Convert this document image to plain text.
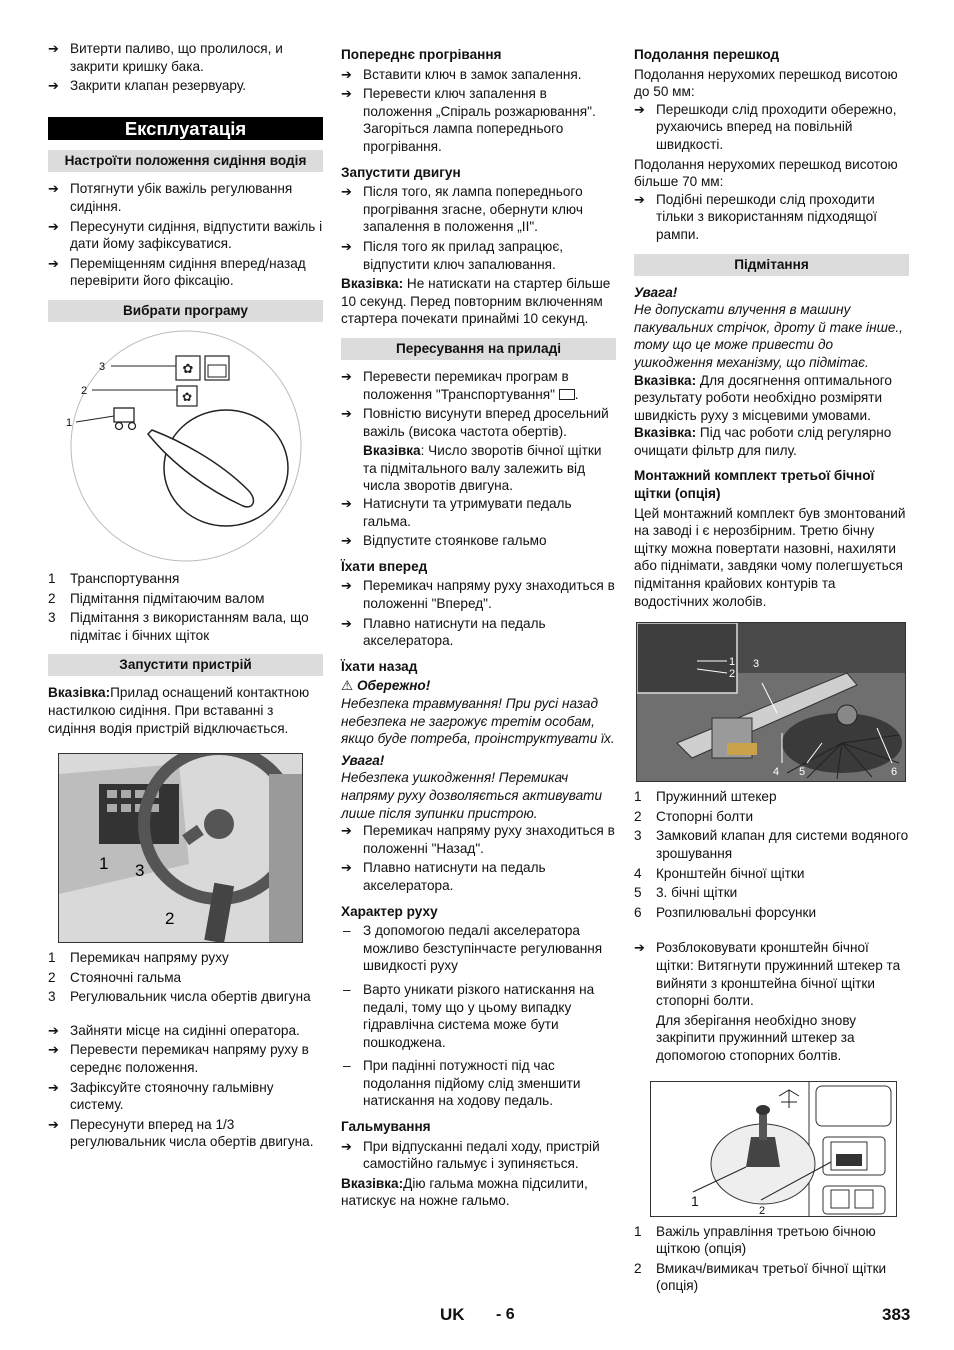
➔ Витерти паливо, що пролилося, и закрити кришку бака.

➔ Закрити клапан резервуару.

Експлуатація
Настроїти положення сидіння водія

➔ Потягнути убік важіль регулювання сидіння.

➔ Пересунути сидіння, відпустити важіль і дати йому зафіксуватися.

➔ Переміщенням сидіння вперед/назад перевірити його фіксацію.

Вибрати програму
✿
✿
3
2
1
1	Транспортування
2	Підмітання підмітаючим валом
3	Підмітання з використанням вала, що підмітає і бічних щіток
Запустити пристрій

Вказівка:Прилад оснащений контактною настилкою сидіння. При вставанні з сидіння водія пристрій відключається.

1 3
2
1	Перемикач напряму руху
2	Стояночні гальма
3	Регулювальник числа обертів двигуна

➔ Зайняти місце на сидінні оператора.

➔ Перевести перемикач напряму руху в середнє положення.

➔ Зафіксуйте стояночну гальмівну систему.

➔ Пересунути вперед на 1/3 регулювальник числа обертів двигуна.

Попереднє прогрівання

➔ Вставити ключ в замок запалення.

➔ Перевести ключ запалення в положення „Спіраль розжарювання". Загоріться лампа попереднього прогрівання.

Запустити двигун

➔ Після того, як лампа попереднього прогрівання згасне, обернути ключ запалення в положення „II".

➔ Після того як прилад запрацює, відпустити ключ запалювання.

Вказівка: Не натискати на стартер більше 10 секунд. Перед повторним включенням стартера почекати принаймі 10 секунд.

Пересування на приладі

➔ Перевести перемикач програм в положення "Транспортування" .

➔ Повністю висунути вперед дросельний важіль (висока частота обертів).

Вказівка: Число зворотів бічної щітки та підмітального валу залежить від числа зворотів двигуна.

➔ Натиснути та утримувати педаль гальма.

➔ Відпустите стоянкове гальмо

Їхати вперед

➔ Перемикач напряму руху знаходиться в положенні "Вперед".

➔ Плавно натиснути на педаль акселератора.

Їхати назад

⚠ Обережно!

Небезпека травмування! При русі назад небезпека не загрожує третім особам, якщо буде потреба, проінструктувати їх.

Увага!

Небезпека ушкодження! Перемикач напряму руху дозволяється активувати лише після зупинки пристрою.

➔ Перемикач напряму руху знаходиться в положенні "Назад".

➔ Плавно натиснути на педаль акселератора.

Характер руху

– З допомогою педалі акселератора можливо безступінчасте регулювання швидкості руху

– Варто уникати різкого натискання на педалі, тому що у цьому випадку гідравлічна система може бути пошкоджена.

– При падінні потужності під час подолання підйому слід зменшити натискання на ходову педаль.

Гальмування

➔ При відпусканні педалі ходу, пристрій самостійно гальмує і зупиняється.

Вказівка:Дію гальма можна підсилити, натискує на ножне гальмо.

Подолання перешкод

Подолання нерухомих перешкод висотою до 50 мм:

➔ Перешкоди слід проходити обережно, рухаючись вперед на повільній швидкості.

Подолання нерухомих перешкод висотою більше 70 мм:

➔ Подібні перешкоди слід проходити тільки з використанням підходящої рампи.

Підмітання

Увага!

Не допускати влучення в машину пакувальних стрічок, дроту й таке інше., тому що це може привести до ушкодження механізму, що підмітає.

Вказівка: Для досягнення оптимального результату роботи необхідно розміряти швидкість руху з місцевими умовами.

Вказівка: Під час роботи слід регулярно очищати фільтр для пилу.

Монтажний комплект третьої бічної щітки (опція)

Цей монтажний комплект був змонтований на заводі і є нерозбірним. Третю бічну щітку можна повертати назовні, нахиляти або піднімати, завдяки чому полегшується підмітання крайових контурів та водостічних жолобів.

1
2
3
4 5	6
1	Пружинний штекер
2	Стопорні болти
3	Замковий клапан для системи водяного зрошування
4	Кронштейн бічної щітки
5	3. бічні щітки
6	Розпилювальні форсунки

➔ Розблоковувати кронштейн бічної щітки: Витягнути пружинний штекер та вийняти з кронштейна бічної щітки стопорні болти.

Для зберігання необхідно знову закріпити пружинний штекер за допомогою стопорних болтів.

1
2
1	Важіль управління третьою бічною щіткою (опція)
2	Вмикач/вимикач третьої бічної щітки (опція)
UK - 6	383
